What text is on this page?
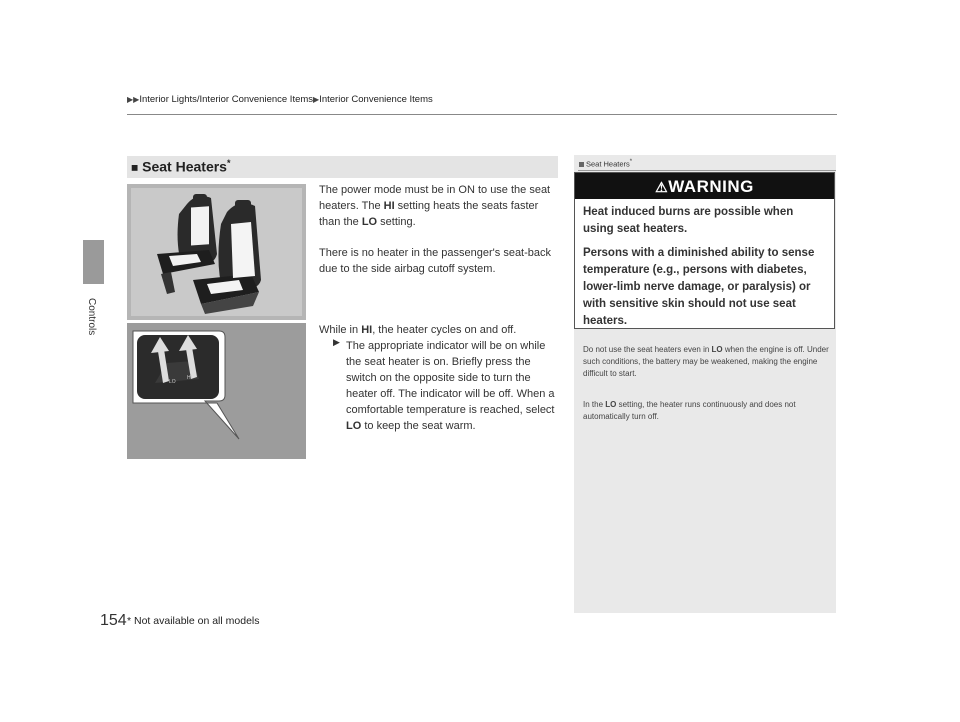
▶▶Interior Lights/Interior Convenience Items▶Interior Convenience Items
Controls
■ Seat Heaters*
LO
HI
The power mode must be in ON to use the seat heaters. The HI setting heats the seats faster than the LO setting.
There is no heater in the passenger's seat-back due to the side airbag cutoff system.
While in HI, the heater cycles on and off.
▶ The appropriate indicator will be on while the seat heater is on. Briefly press the switch on the opposite side to turn the heater off. The indicator will be off. When a comfortable temperature is reached, select LO to keep the seat warm.
Seat Heaters*
⚠WARNING
Heat induced burns are possible when using seat heaters.
Persons with a diminished ability to sense temperature (e.g., persons with diabetes, lower-limb nerve damage, or paralysis) or with sensitive skin should not use seat heaters.
Do not use the seat heaters even in LO when the engine is off. Under such conditions, the battery may be weakened, making the engine difficult to start.
In the LO setting, the heater runs continuously and does not automatically turn off.
154 * Not available on all models
